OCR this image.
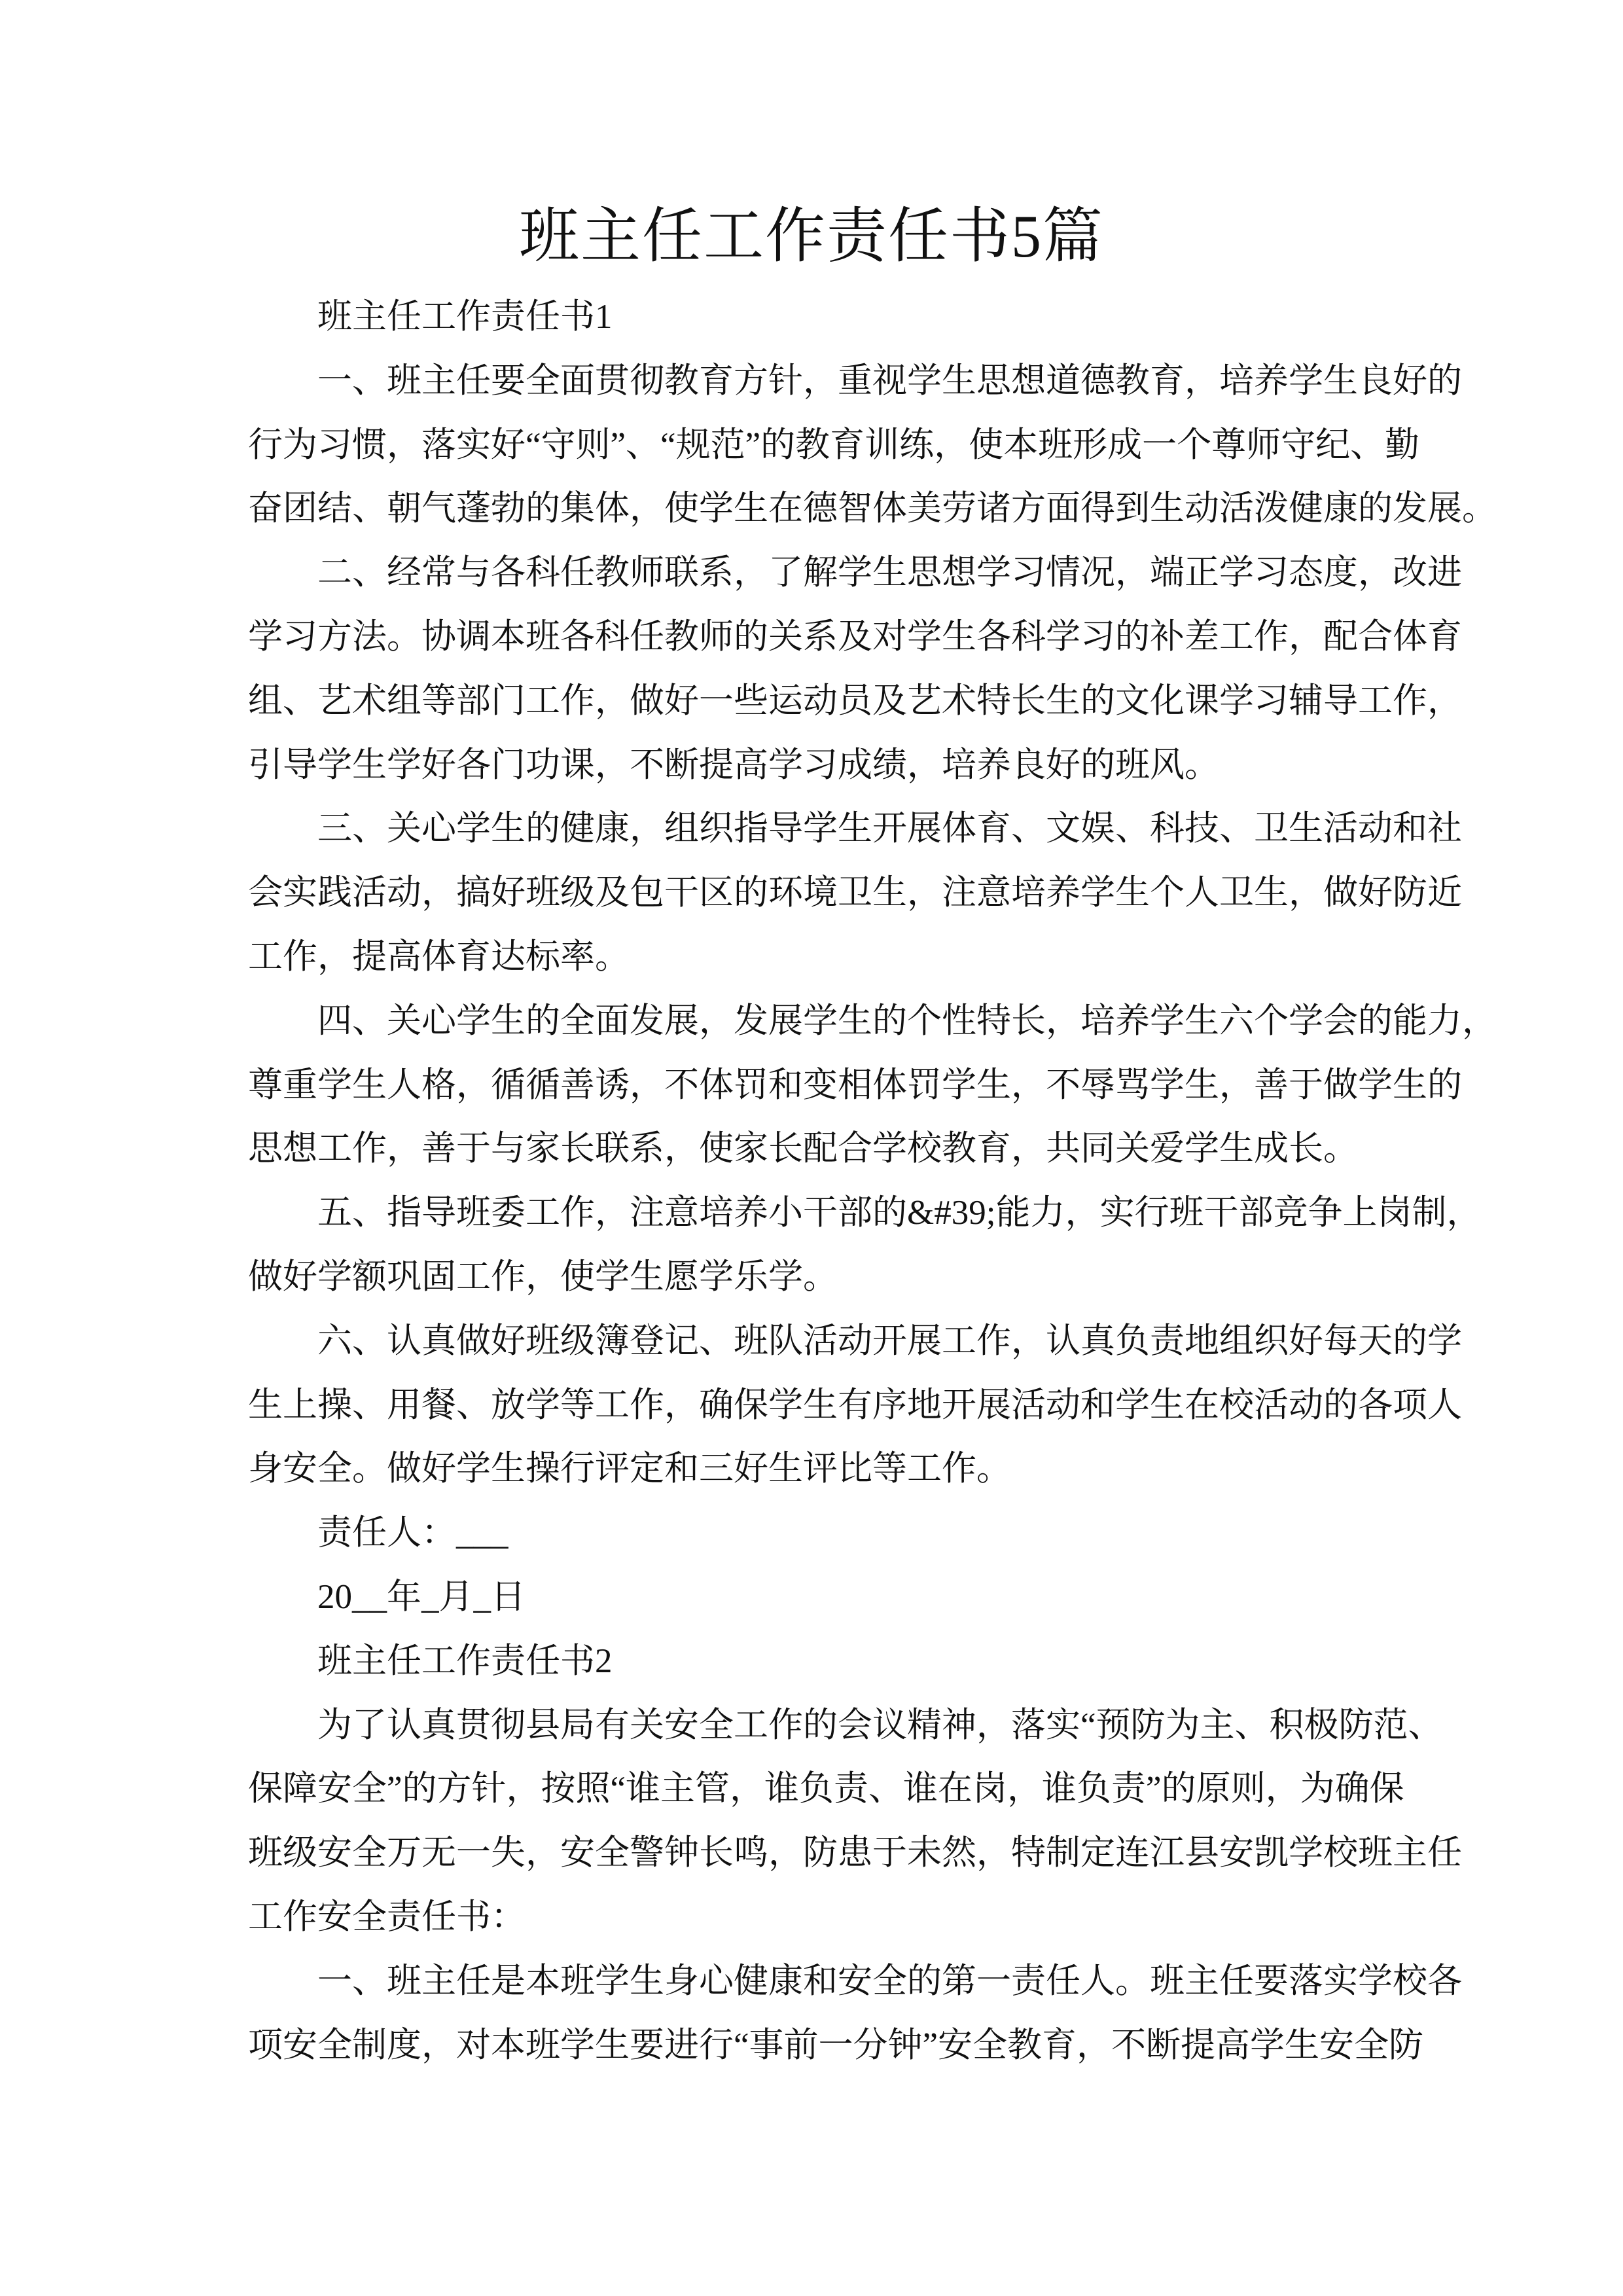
班主任工作责任书5篇
班主任工作责任书1
一、班主任要全面贯彻教育方针，重视学生思想道德教育，培养学生良好的
行为习惯，落实好“守则”、“规范”的教育训练，使本班形成一个尊师守纪、勤
奋团结、朝气蓬勃的集体，使学生在德智体美劳诸方面得到生动活泼健康的发展。
二、经常与各科任教师联系，了解学生思想学习情况，端正学习态度，改进
学习方法。协调本班各科任教师的关系及对学生各科学习的补差工作，配合体育
组、艺术组等部门工作，做好一些运动员及艺术特长生的文化课学习辅导工作，
引导学生学好各门功课，不断提高学习成绩，培养良好的班风。
三、关心学生的健康，组织指导学生开展体育、文娱、科技、卫生活动和社
会实践活动，搞好班级及包干区的环境卫生，注意培养学生个人卫生，做好防近
工作，提高体育达标率。
四、关心学生的全面发展，发展学生的个性特长，培养学生六个学会的能力，
尊重学生人格，循循善诱，不体罚和变相体罚学生，不辱骂学生，善于做学生的
思想工作，善于与家长联系，使家长配合学校教育，共同关爱学生成长。
五、指导班委工作，注意培养小干部的&#39;能力，实行班干部竞争上岗制，
做好学额巩固工作，使学生愿学乐学。
六、认真做好班级簿登记、班队活动开展工作，认真负责地组织好每天的学
生上操、用餐、放学等工作，确保学生有序地开展活动和学生在校活动的各项人
身安全。做好学生操行评定和三好生评比等工作。
责任人：___
20__年_月_日
班主任工作责任书2
为了认真贯彻县局有关安全工作的会议精神，落实“预防为主、积极防范、
保障安全”的方针，按照“谁主管，谁负责、谁在岗，谁负责”的原则，为确保
班级安全万无一失，安全警钟长鸣，防患于未然，特制定连江县安凯学校班主任
工作安全责任书：
一、班主任是本班学生身心健康和安全的第一责任人。班主任要落实学校各
项安全制度，对本班学生要进行“事前一分钟”安全教育，不断提高学生安全防
